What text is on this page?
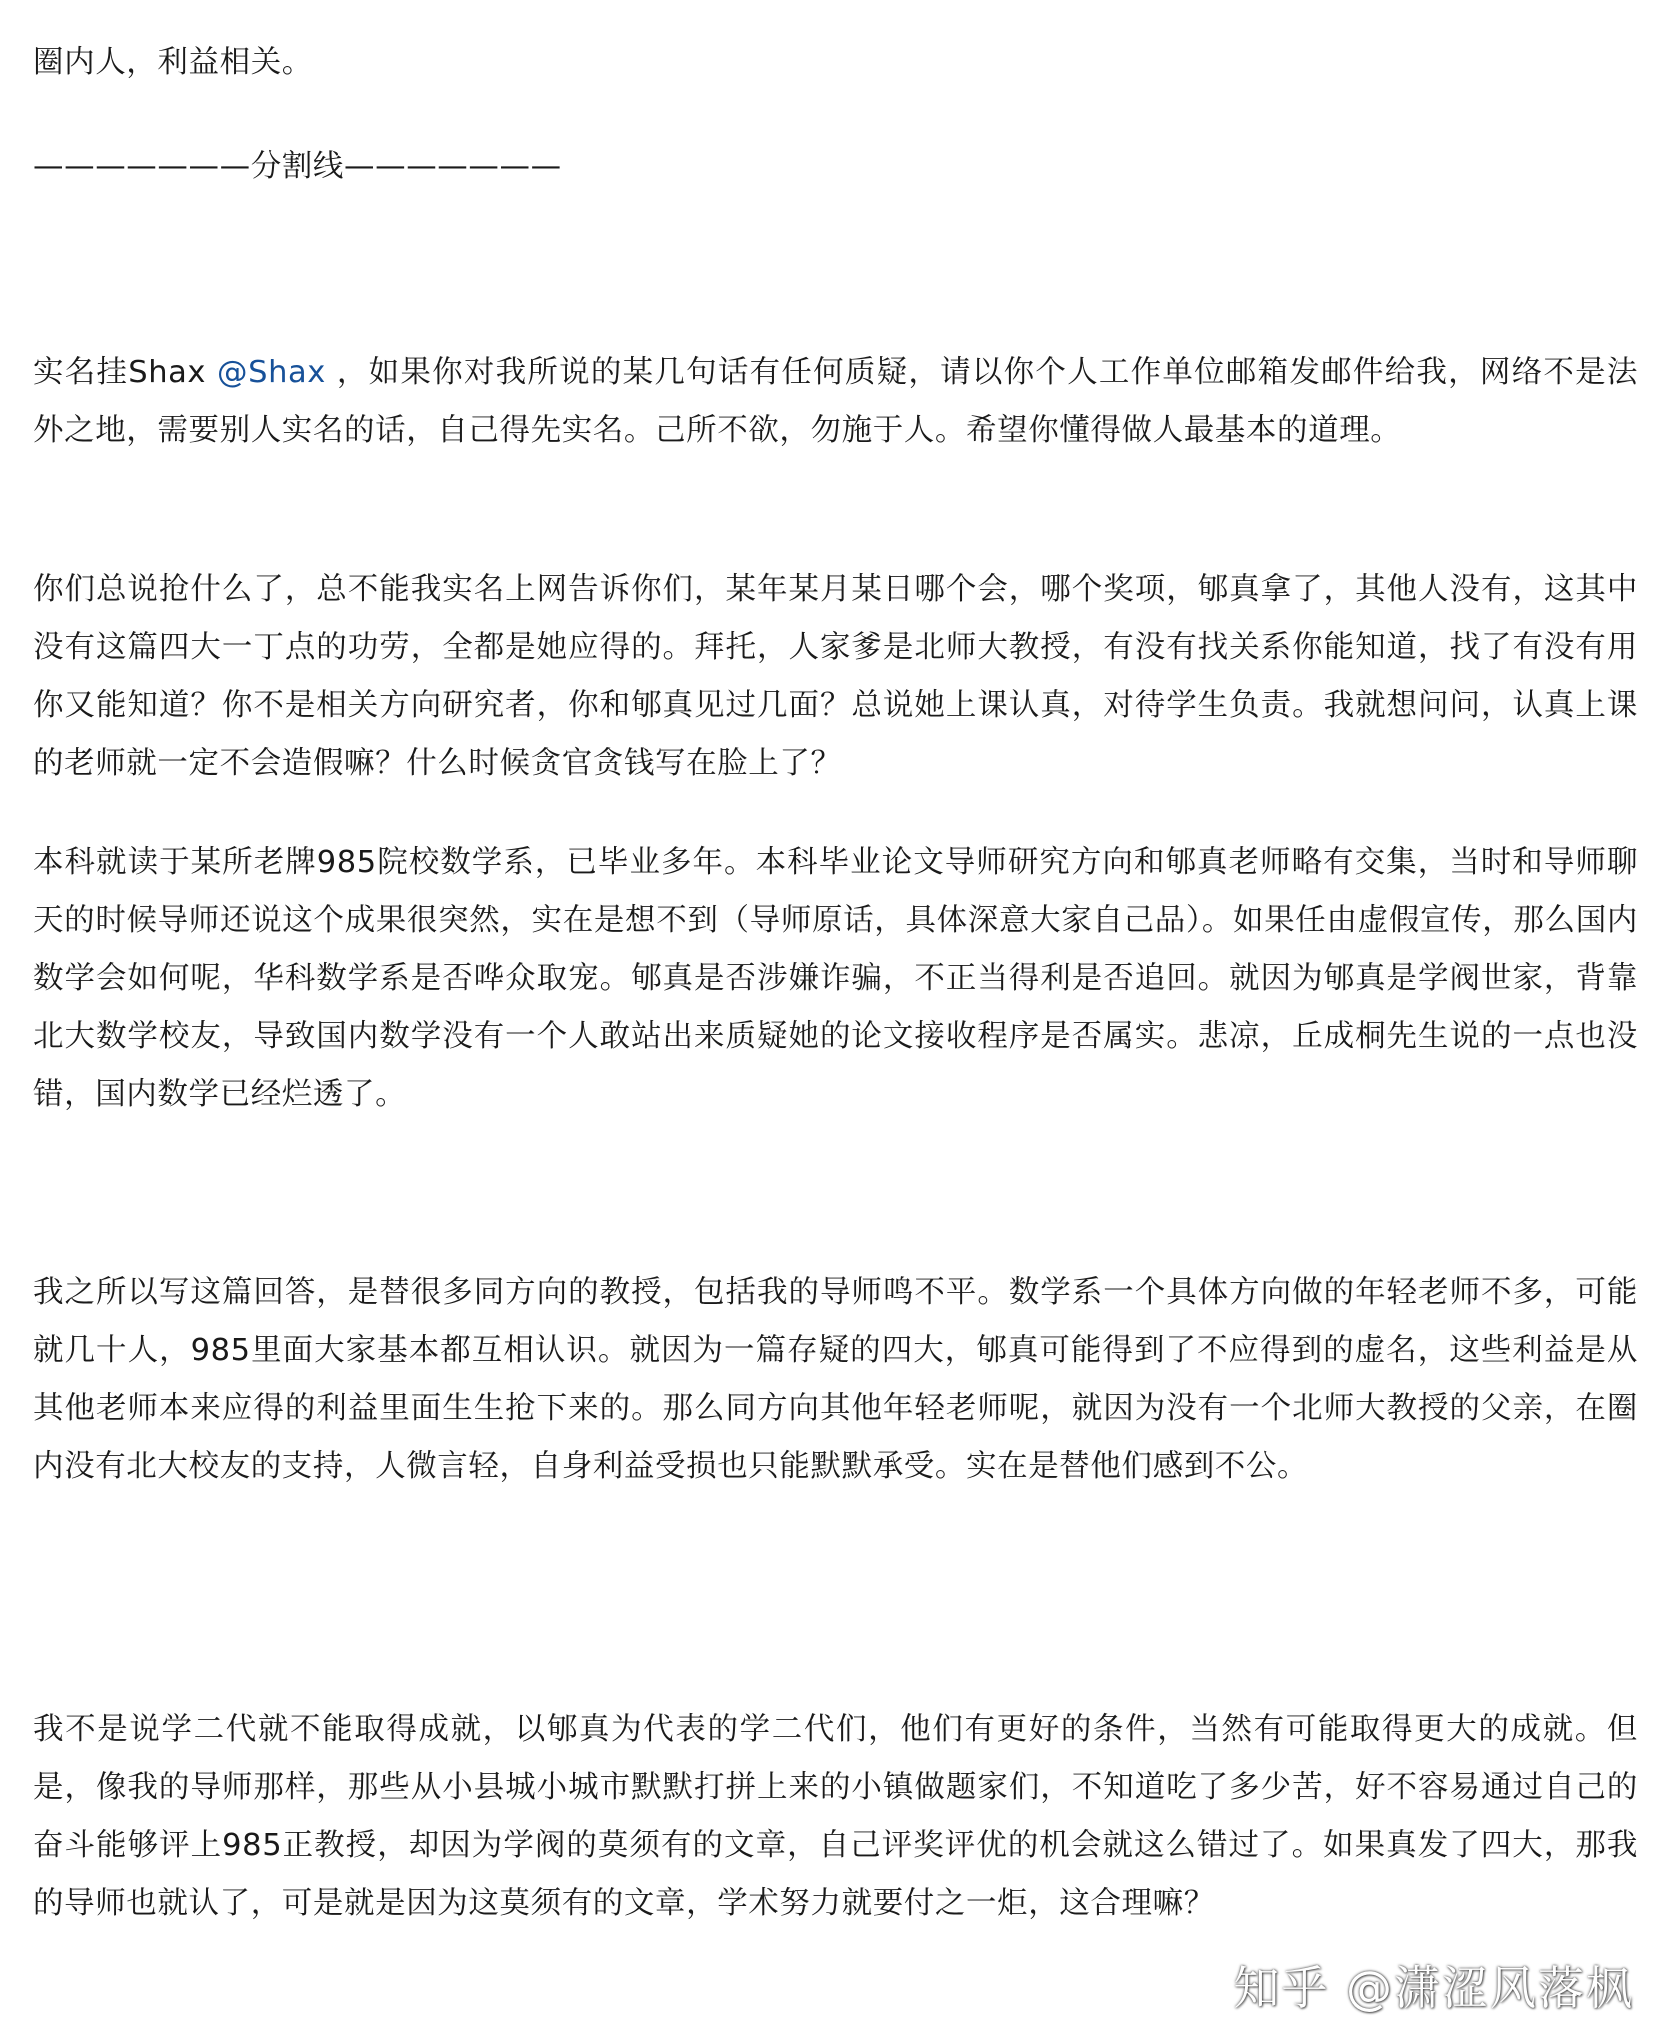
圈内人，利益相关。

———————分割线———————

实名挂Shax @Shax ，如果你对我所说的某几句话有任何质疑，请以你个人工作单位邮箱发邮件给我，网络不是法外之地，需要别人实名的话，自己得先实名。己所不欲，勿施于人。希望你懂得做人最基本的道理。

你们总说抢什么了，总不能我实名上网告诉你们，某年某月某日哪个会，哪个奖项，郇真拿了，其他人没有，这其中没有这篇四大一丁点的功劳，全都是她应得的。拜托，人家爹是北师大教授，有没有找关系你能知道，找了有没有用你又能知道？你不是相关方向研究者，你和郇真见过几面？总说她上课认真，对待学生负责。我就想问问，认真上课的老师就一定不会造假嘛？什么时候贪官贪钱写在脸上了？

本科就读于某所老牌985院校数学系，已毕业多年。本科毕业论文导师研究方向和郇真老师略有交集，当时和导师聊天的时候导师还说这个成果很突然，实在是想不到（导师原话，具体深意大家自己品）。如果任由虚假宣传，那么国内数学会如何呢，华科数学系是否哗众取宠。郇真是否涉嫌诈骗，不正当得利是否追回。就因为郇真是学阀世家，背靠北大数学校友，导致国内数学没有一个人敢站出来质疑她的论文接收程序是否属实。悲凉，丘成桐先生说的一点也没错，国内数学已经烂透了。

我之所以写这篇回答，是替很多同方向的教授，包括我的导师鸣不平。数学系一个具体方向做的年轻老师不多，可能就几十人，985里面大家基本都互相认识。就因为一篇存疑的四大，郇真可能得到了不应得到的虚名，这些利益是从其他老师本来应得的利益里面生生抢下来的。那么同方向其他年轻老师呢，就因为没有一个北师大教授的父亲，在圈内没有北大校友的支持，人微言轻，自身利益受损也只能默默承受。实在是替他们感到不公。

我不是说学二代就不能取得成就，以郇真为代表的学二代们，他们有更好的条件，当然有可能取得更大的成就。但是，像我的导师那样，那些从小县城小城市默默打拼上来的小镇做题家们，不知道吃了多少苦，好不容易通过自己的奋斗能够评上985正教授，却因为学阀的莫须有的文章，自己评奖评优的机会就这么错过了。如果真发了四大，那我的导师也就认了，可是就是因为这莫须有的文章，学术努力就要付之一炬，这合理嘛？

知乎 @潇涩风落枫
